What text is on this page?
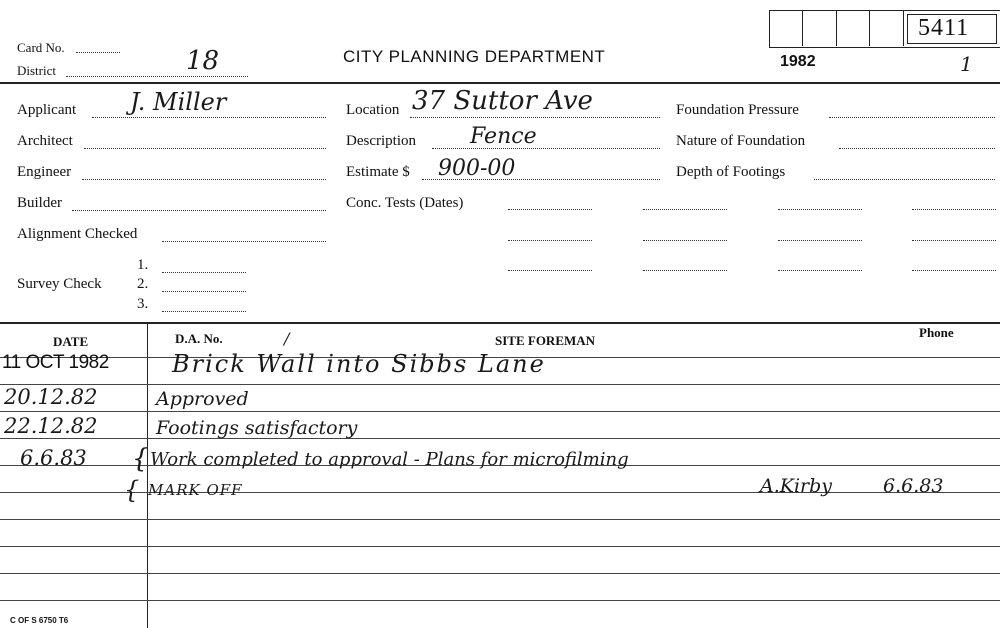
Card No.
District	18	CITY PLANNING DEPARTMENT
5411
1982	1
Applicant J. Miller
Architect
Engineer
Builder
Alignment Checked
Survey Check
1.
2.
3.
Location 37 Suttor Ave
Description Fence
Estimate $ 900-00
Conc. Tests (Dates)
Foundation Pressure
Nature of Foundation
Depth of Footings
DATE	D.A. No.	/	SITE FOREMAN
Phone
11 OCT 1982	Brick Wall into Sibbs Lane
20.12.82	Approved
22.12.82	Footings satisfactory
6.6.83 { Work completed to approval - Plans for microfilming
{ MARK OFF	A.Kirby	6.6.83
C OF S 6750 T6
